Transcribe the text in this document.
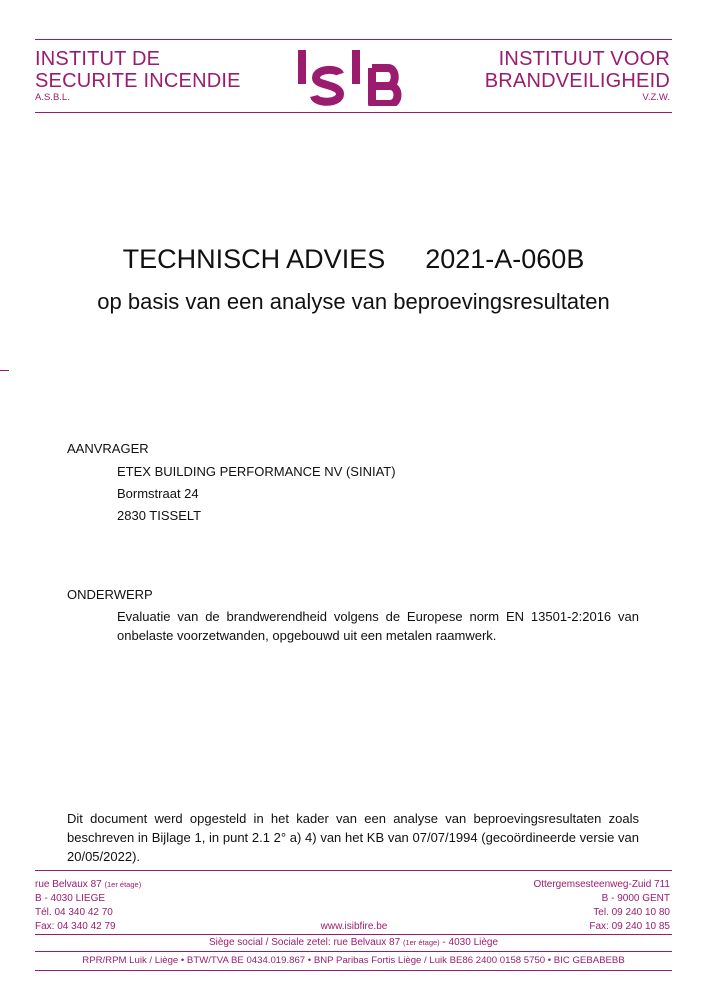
INSTITUT DE
SECURITE INCENDIE
A.S.B.L.
INSTITUUT VOOR
BRANDVEILIGHEID
V.Z.W.
TECHNISCH ADVIES 2021-A-060B
op basis van een analyse van beproevingsresultaten
AANVRAGER
ETEX BUILDING PERFORMANCE NV (SINIAT)
Bormstraat 24
2830 TISSELT
ONDERWERP
Evaluatie van de brandwerendheid volgens de Europese norm EN 13501-2:2016 van onbelaste voorzetwanden, opgebouwd uit een metalen raamwerk.
Dit document werd opgesteld in het kader van een analyse van beproevingsresultaten zoals beschreven in Bijlage 1, in punt 2.1 2° a) 4) van het KB van 07/07/1994 (gecoördineerde versie van 20/05/2022).
rue Belvaux 87 (1er étage)
B - 4030 LIEGE
Tél. 04 340 42 70
Fax: 04 340 42 79	www.isibfire.be
Ottergemsesteenweg-Zuid 711
B - 9000 GENT
Tel. 09 240 10 80
Fax: 09 240 10 85
Siège social / Sociale zetel: rue Belvaux 87 (1er étage) - 4030 Liège
RPR/RPM Luik / Liège • BTW/TVA BE 0434.019.867 • BNP Paribas Fortis Liège / Luik BE86 2400 0158 5750 • BIC GEBABEBB
